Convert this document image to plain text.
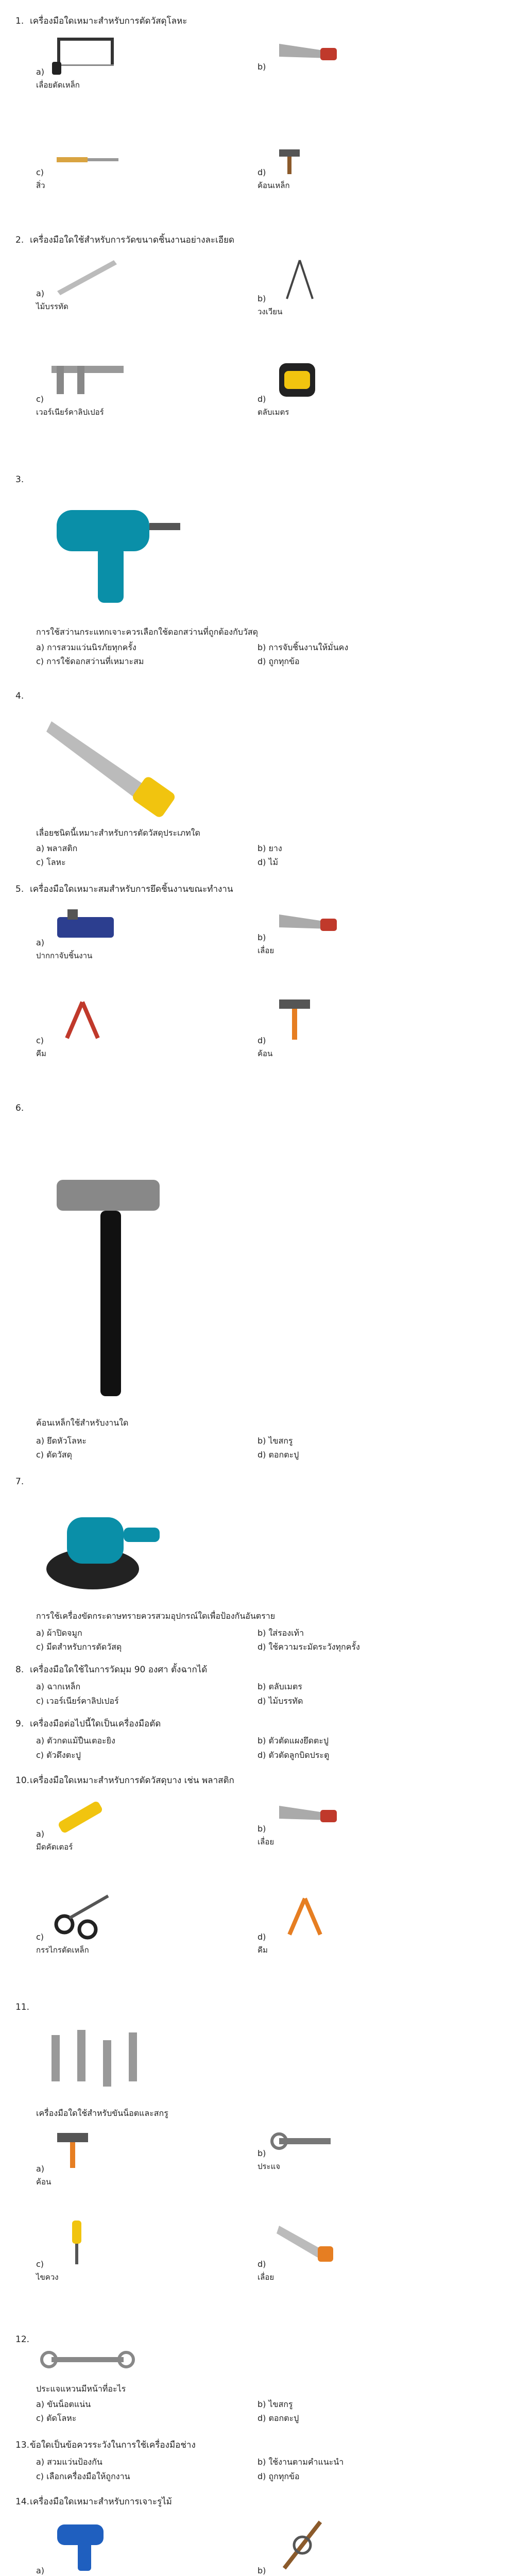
1. เครื่องมือใดเหมาะสำหรับการตัดวัสดุโลหะ
a)
เลื่อยตัดเหล็ก
b)
c)
สิ่ว
d)
ค้อนเหล็ก
2. เครื่องมือใดใช้สำหรับการวัดขนาดชิ้นงานอย่างละเอียด
a)
ไม้บรรทัด
b)
วงเวียน
c)
เวอร์เนียร์คาลิปเปอร์
d)
ตลับเมตร
3.
การใช้สว่านกระแทกเจาะควรเลือกใช้ดอกสว่านที่ถูกต้องกับวัสดุ
a) การสวมแว่นนิรภัยทุกครั้ง	b) การจับชิ้นงานให้มั่นคง
c) การใช้ดอกสว่านที่เหมาะสม	d) ถูกทุกข้อ
4.
เลื่อยชนิดนี้เหมาะสำหรับการตัดวัสดุประเภทใด
a) พลาสติก	b) ยาง
c) โลหะ	d) ไม้
5. เครื่องมือใดเหมาะสมสำหรับการยึดชิ้นงานขณะทำงาน
a)
ปากกาจับชิ้นงาน
b)
เลื่อย
c)
คีม
d)
ค้อน
6.
ค้อนเหล็กใช้สำหรับงานใด
a) ยึดหัวโลหะ	b) ไขสกรู
c) ตัดวัสดุ	d) ตอกตะปู
7.
การใช้เครื่องขัดกระดาษทรายควรสวมอุปกรณ์ใดเพื่อป้องกันอันตราย
a) ผ้าปิดจมูก	b) ใส่รองเท้า
c) มีดสำหรับการตัดวัสดุ	d) ใช้ความระมัดระวังทุกครั้ง
8. เครื่องมือใดใช้ในการวัดมุม 90 องศา ตั้งฉากได้
a) ฉากเหล็ก	b) ตลับเมตร
c) เวอร์เนียร์คาลิปเปอร์	d) ไม้บรรทัด
9. เครื่องมือต่อไปนี้ใดเป็นเครื่องมือตัด
a) ตัวกดแม้ปืนเตอะยิง	b) ตัวตัดแผงยึดตะปู
c) ตัวดึงตะปู	d) ตัวตัดลูกบิดประตู
10.เครื่องมือใดเหมาะสำหรับการตัดวัสดุบาง เช่น พลาสติก
a)
มีดคัตเตอร์
b)
เลื่อย
c)
กรรไกรตัดเหล็ก
d)
คีม
11.
เครื่องมือใดใช้สำหรับขันน็อตและสกรู
a)
ค้อน
b)
ประแจ
c)
ไขควง
d)
เลื่อย
12.
ประแจแหวนมีหน้าที่อะไร
a) ขันน็อตแน่น	b) ไขสกรู
c) ตัดโลหะ	d) ตอกตะปู
13.ข้อใดเป็นข้อควรระวังในการใช้เครื่องมือช่าง
a) สวมแว่นป้องกัน	b) ใช้งานตามคำแนะนำ
c) เลือกเครื่องมือให้ถูกงาน	d) ถูกทุกข้อ
14.เครื่องมือใดเหมาะสำหรับการเจาะรูไม้
a)	b)
